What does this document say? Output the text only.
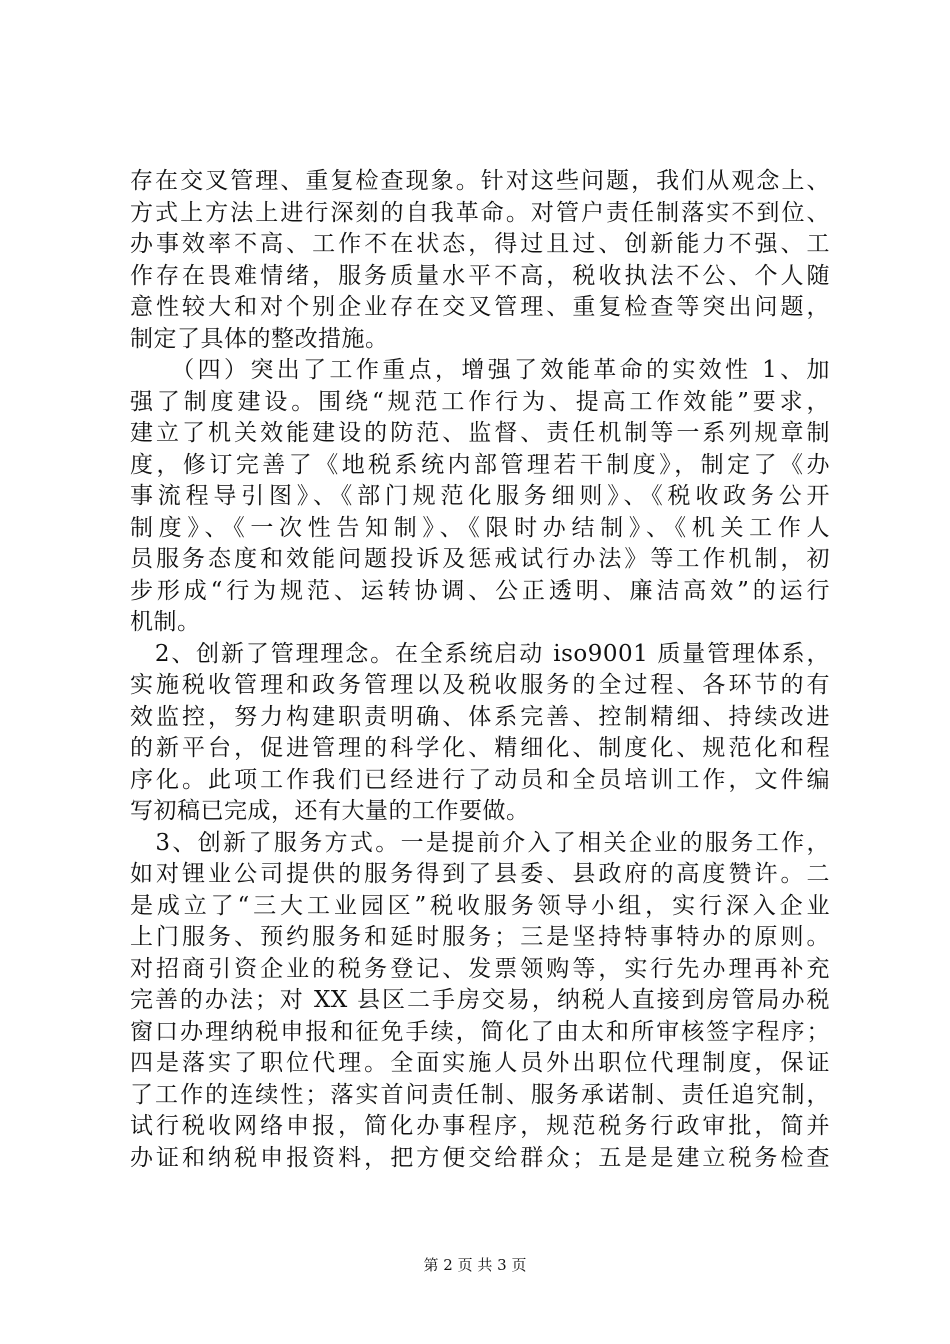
存在交叉管理、重复检查现象。针对这些问题，我们从观念上、
方式上方法上进行深刻的自我革命。对管户责任制落实不到位、
办事效率不高、工作不在状态，得过且过、创新能力不强、工
作存在畏难情绪，服务质量水平不高，税收执法不公、个人随
意性较大和对个别企业存在交叉管理、重复检查等突出问题，
制定了具体的整改措施。
　　（四）突出了工作重点，增强了效能革命的实效性 1、加
强了制度建设。围绕“规范工作行为、提高工作效能”要求，
建立了机关效能建设的防范、监督、责任机制等一系列规章制
度，修订完善了《地税系统内部管理若干制度》，制定了《办
事流程导引图》、《部门规范化服务细则》、《税收政务公开
制度》、《一次性告知制》、《限时办结制》、《机关工作人
员服务态度和效能问题投诉及惩戒试行办法》等工作机制，初
步形成“行为规范、运转协调、公正透明、廉洁高效”的运行
机制。
　2、创新了管理理念。在全系统启动 iso9001 质量管理体系，
实施税收管理和政务管理以及税收服务的全过程、各环节的有
效监控，努力构建职责明确、体系完善、控制精细、持续改进
的新平台，促进管理的科学化、精细化、制度化、规范化和程
序化。此项工作我们已经进行了动员和全员培训工作，文件编
写初稿已完成，还有大量的工作要做。
　3、创新了服务方式。一是提前介入了相关企业的服务工作，
如对锂业公司提供的服务得到了县委、县政府的高度赞许。二
是成立了“三大工业园区”税收服务领导小组，实行深入企业
上门服务、预约服务和延时服务；三是坚持特事特办的原则。
对招商引资企业的税务登记、发票领购等，实行先办理再补充
完善的办法；对 XX 县区二手房交易，纳税人直接到房管局办税
窗口办理纳税申报和征免手续，简化了由太和所审核签字程序；
四是落实了职位代理。全面实施人员外出职位代理制度，保证
了工作的连续性；落实首问责任制、服务承诺制、责任追究制，
试行税收网络申报，简化办事程序，规范税务行政审批，简并
办证和纳税申报资料，把方便交给群众；五是是建立税务检查
第 2 页 共 3 页
